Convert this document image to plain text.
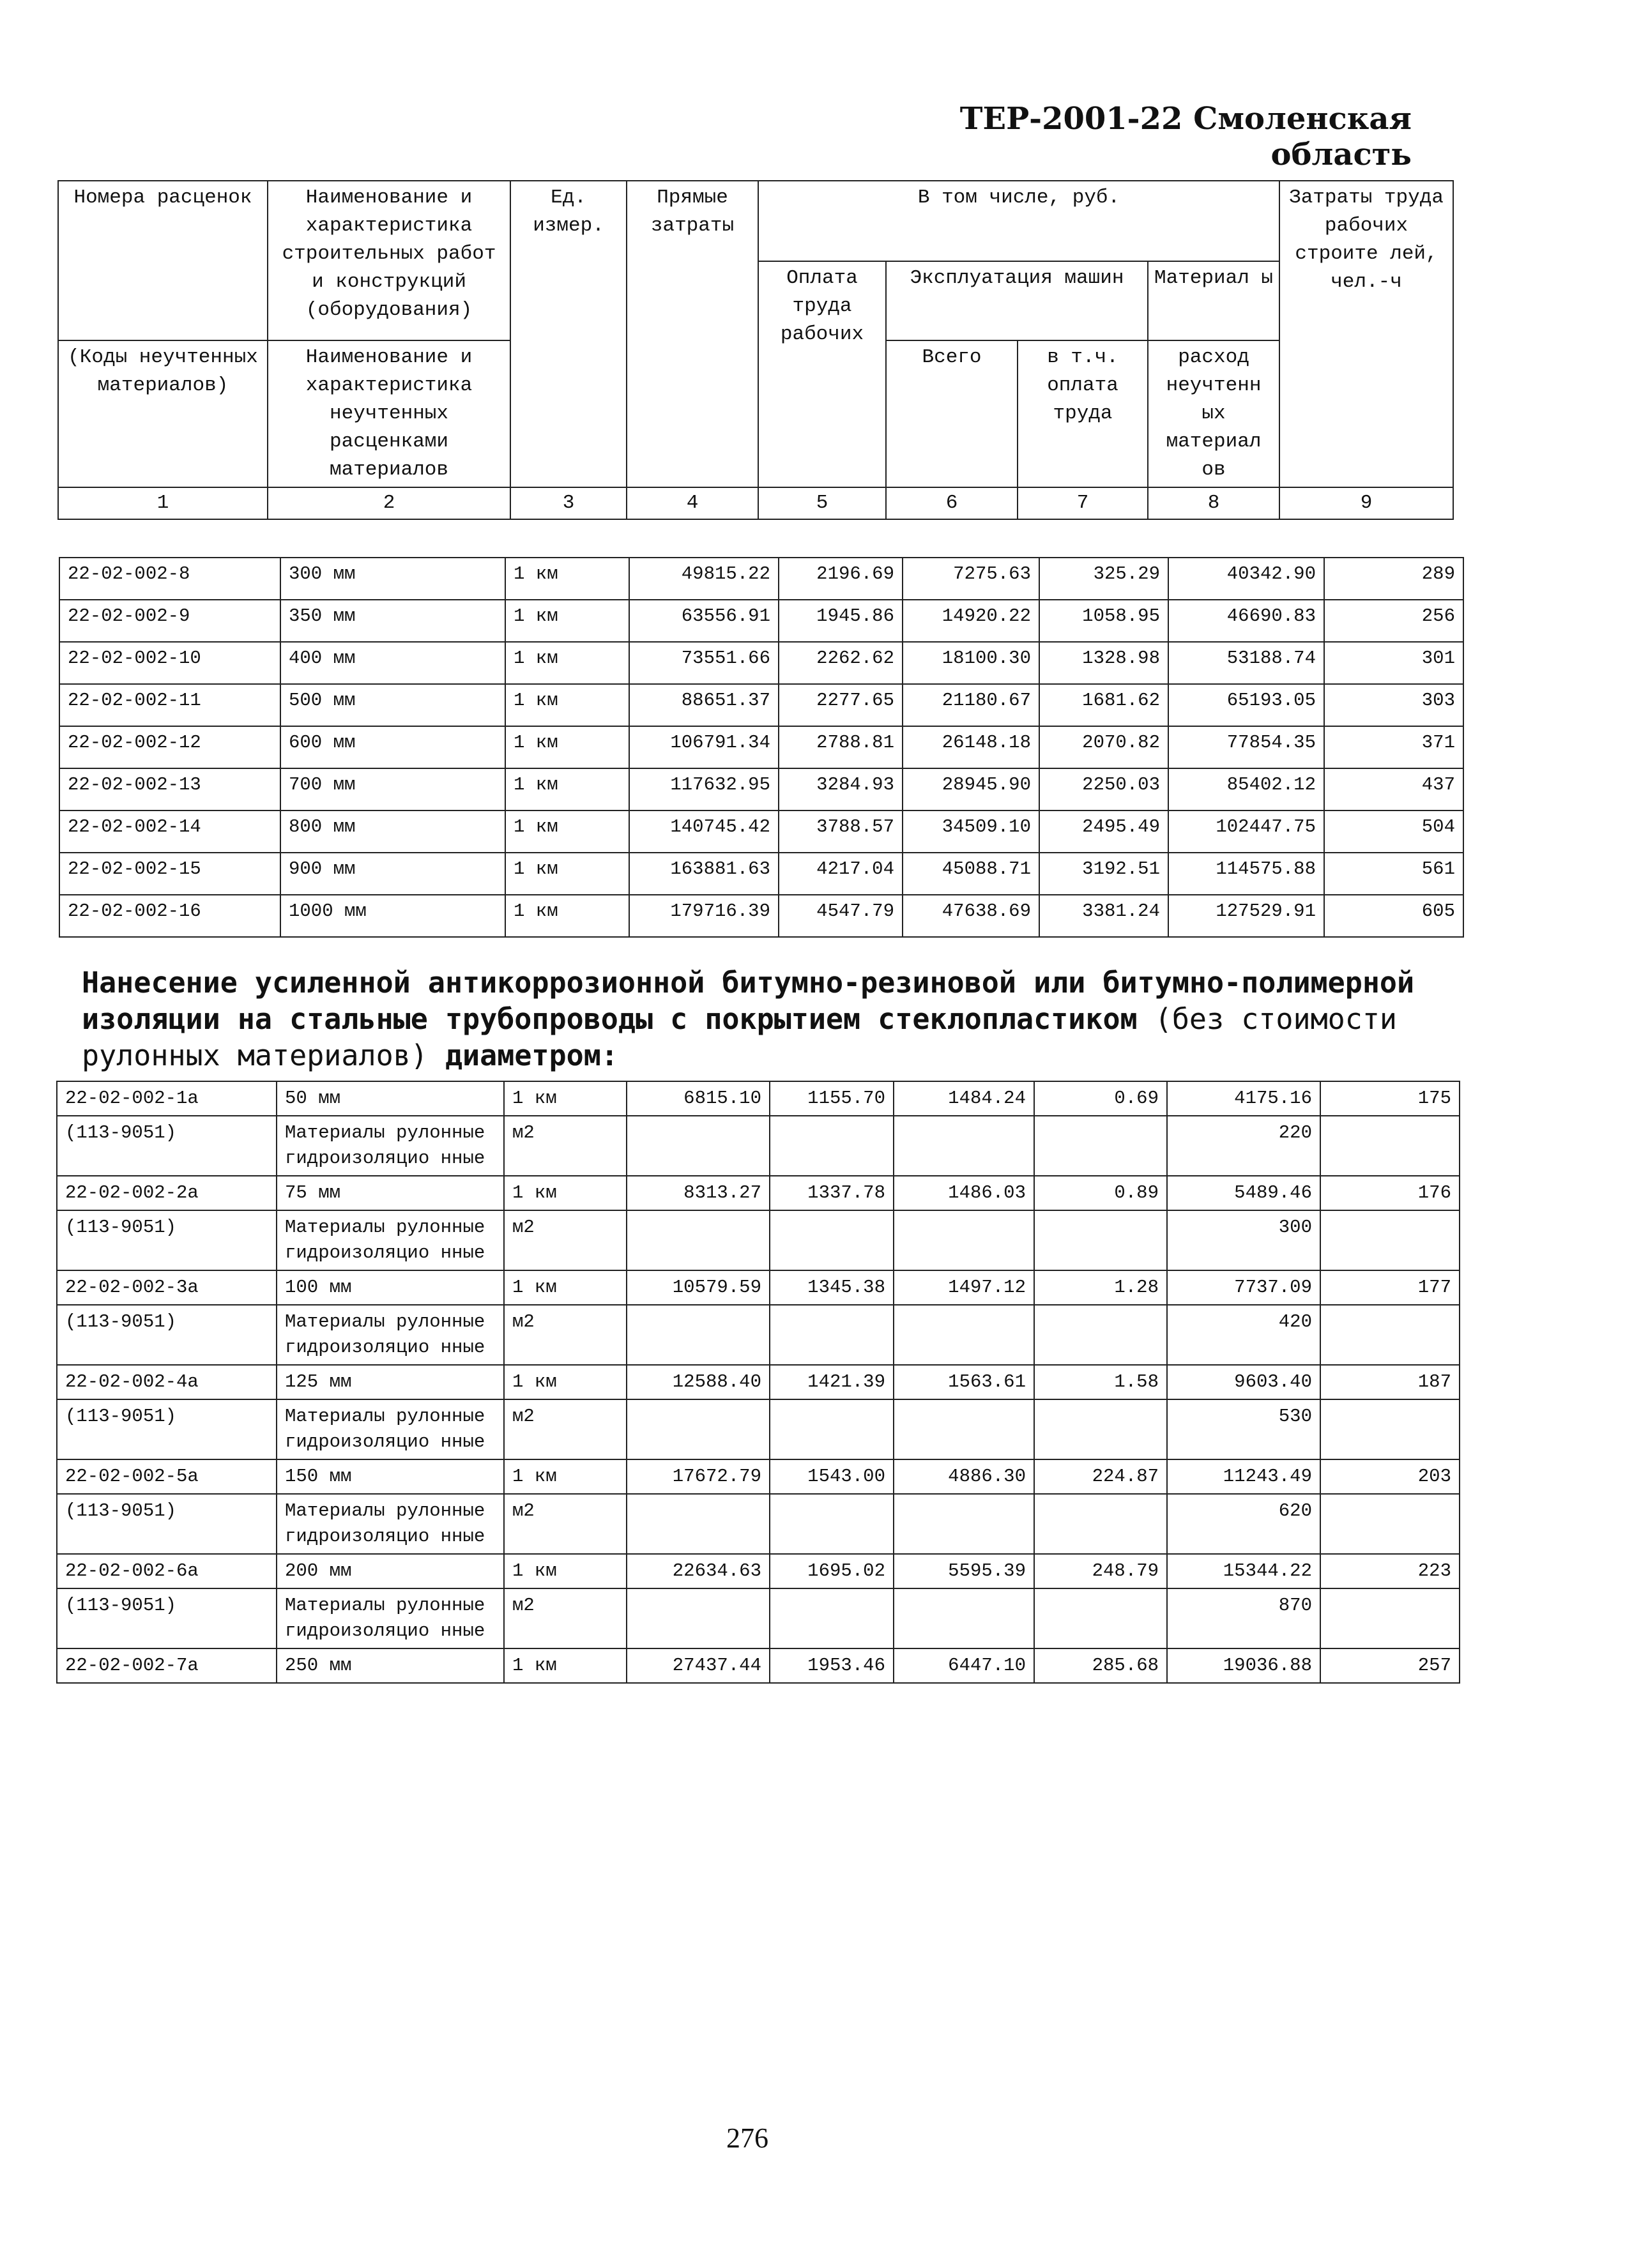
ТЕР-2001-22 Смоленская область
Номера расценок	Наименование и характеристика строительных работ и конструкций (оборудования)	Ед. измер.	Прямые затраты	В том числе, руб.				Затраты труда рабочих строите лей, чел.-ч
				Оплата труда рабочих	Эксплуатация машин		Материал ы	
(Коды неучтенных материалов)	Наименование и характеристика неучтенных расценками материалов				Всего	в т.ч. оплата труда	расход неучтенн ых материал ов	

1	2	3	4	5	6	7	8	9
22-02-002-8	300 мм	1 км	49815.22	2196.69	7275.63	325.29	40342.90	289
22-02-002-9	350 мм	1 км	63556.91	1945.86	14920.22	1058.95	46690.83	256
22-02-002-10	400 мм	1 км	73551.66	2262.62	18100.30	1328.98	53188.74	301
22-02-002-11	500 мм	1 км	88651.37	2277.65	21180.67	1681.62	65193.05	303
22-02-002-12	600 мм	1 км	106791.34	2788.81	26148.18	2070.82	77854.35	371
22-02-002-13	700 мм	1 км	117632.95	3284.93	28945.90	2250.03	85402.12	437
22-02-002-14	800 мм	1 км	140745.42	3788.57	34509.10	2495.49	102447.75	504
22-02-002-15	900 мм	1 км	163881.63	4217.04	45088.71	3192.51	114575.88	561
22-02-002-16	1000 мм	1 км	179716.39	4547.79	47638.69	3381.24	127529.91	605
Нанесение усиленной антикоррозионной битумно-резиновой или битумно-полимерной изоляции на стальные трубопроводы с покрытием стеклопластиком (без стоимости рулонных материалов) диаметром:
22-02-002-1а	50 мм	1 км	6815.10	1155.70	1484.24	0.69	4175.16	175
(113-9051)	Материалы рулонные гидроизоляцио нные	м2					220	
22-02-002-2а	75 мм	1 км	8313.27	1337.78	1486.03	0.89	5489.46	176
(113-9051)	Материалы рулонные гидроизоляцио нные	м2					300	
22-02-002-3а	100 мм	1 км	10579.59	1345.38	1497.12	1.28	7737.09	177
(113-9051)	Материалы рулонные гидроизоляцио нные	м2					420	
22-02-002-4а	125 мм	1 км	12588.40	1421.39	1563.61	1.58	9603.40	187
(113-9051)	Материалы рулонные гидроизоляцио нные	м2					530	
22-02-002-5а	150 мм	1 км	17672.79	1543.00	4886.30	224.87	11243.49	203
(113-9051)	Материалы рулонные гидроизоляцио нные	м2					620	
22-02-002-6а	200 мм	1 км	22634.63	1695.02	5595.39	248.79	15344.22	223
(113-9051)	Материалы рулонные гидроизоляцио нные	м2					870	
22-02-002-7а	250 мм	1 км	27437.44	1953.46	6447.10	285.68	19036.88	257
276
